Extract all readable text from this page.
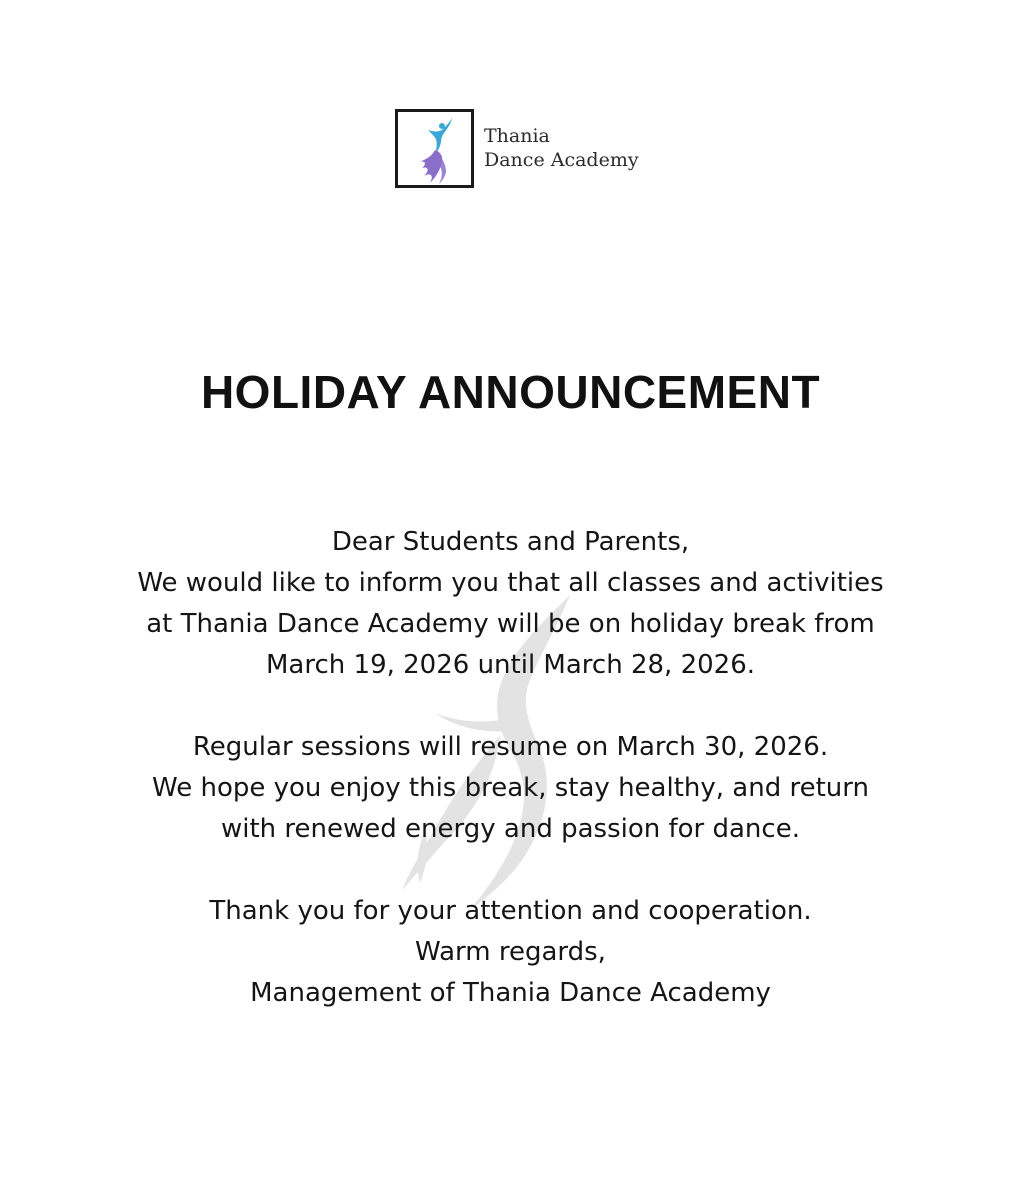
Thania
Dance Academy
HOLIDAY ANNOUNCEMENT
Dear Students and Parents,
We would like to inform you that all classes and activities
at Thania Dance Academy will be on holiday break from
March 19, 2026 until March 28, 2026.
Regular sessions will resume on March 30, 2026.
We hope you enjoy this break, stay healthy, and return
with renewed energy and passion for dance.
Thank you for your attention and cooperation.
Warm regards,
Management of Thania Dance Academy
